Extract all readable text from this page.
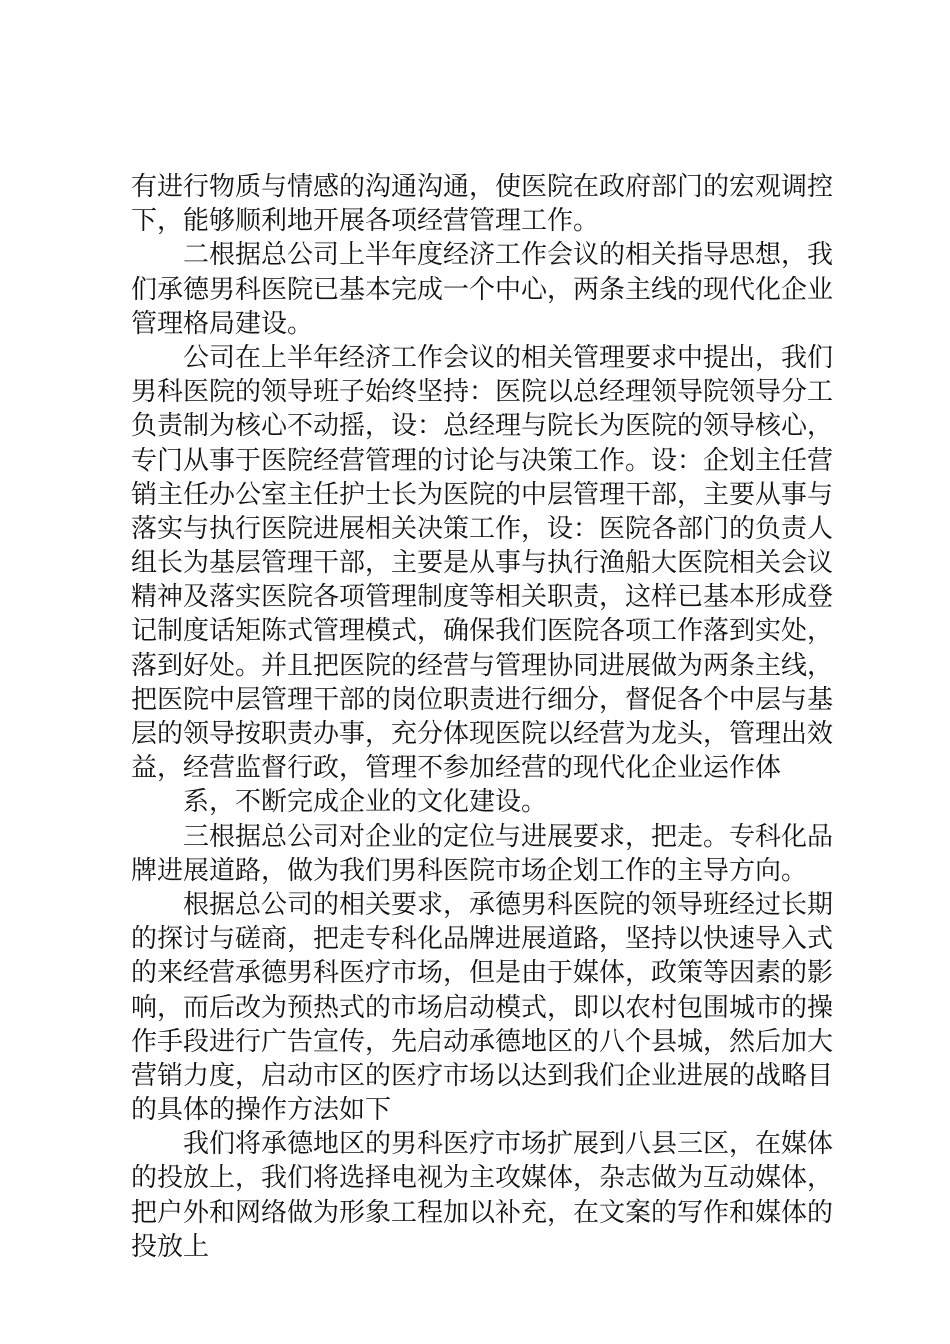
有进行物质与情感的沟通沟通，使医院在政府部门的宏观调控
下，能够顺利地开展各项经营管理工作。
二根据总公司上半年度经济工作会议的相关指导思想，我
们承德男科医院已基本完成一个中心，两条主线的现代化企业
管理格局建设。
公司在上半年经济工作会议的相关管理要求中提出，我们
男科医院的领导班子始终坚持：医院以总经理领导院领导分工
负责制为核心不动摇，设：总经理与院长为医院的领导核心，
专门从事于医院经营管理的讨论与决策工作。设：企划主任营
销主任办公室主任护士长为医院的中层管理干部，主要从事与
落实与执行医院进展相关决策工作，设：医院各部门的负责人
组长为基层管理干部，主要是从事与执行渔船大医院相关会议
精神及落实医院各项管理制度等相关职责，这样已基本形成登
记制度话矩陈式管理模式，确保我们医院各项工作落到实处，
落到好处。并且把医院的经营与管理协同进展做为两条主线，
把医院中层管理干部的岗位职责进行细分，督促各个中层与基
层的领导按职责办事，充分体现医院以经营为龙头，管理出效
益，经营监督行政，管理不参加经营的现代化企业运作体
系，不断完成企业的文化建设。
三根据总公司对企业的定位与进展要求，把走。专科化品
牌进展道路，做为我们男科医院市场企划工作的主导方向。
根据总公司的相关要求，承德男科医院的领导班经过长期
的探讨与磋商，把走专科化品牌进展道路，坚持以快速导入式
的来经营承德男科医疗市场，但是由于媒体，政策等因素的影
响，而后改为预热式的市场启动模式，即以农村包围城市的操
作手段进行广告宣传，先启动承德地区的八个县城，然后加大
营销力度，启动市区的医疗市场以达到我们企业进展的战略目
的具体的操作方法如下
我们将承德地区的男科医疗市场扩展到八县三区，在媒体
的投放上，我们将选择电视为主攻媒体，杂志做为互动媒体，
把户外和网络做为形象工程加以补充，在文案的写作和媒体的
投放上
